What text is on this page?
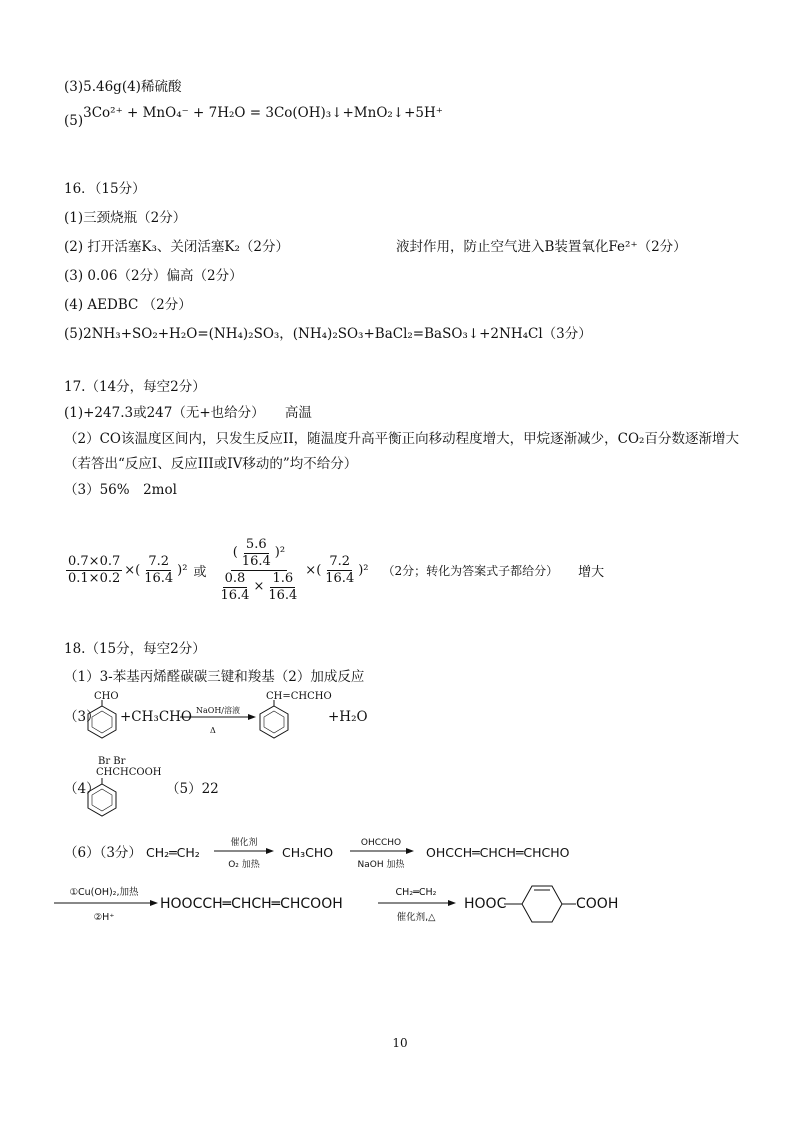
(3)5.46g(4)稀硫酸
(5)3Co²⁺ + MnO₄⁻ + 7H₂O = 3Co(OH)₃↓+MnO₂↓+5H⁺
16．（15分）
(1)三颈烧瓶（2分）
(2) 打开活塞K₃、关闭活塞K₂（2分）	液封作用，防止空气进入B装置氧化Fe²⁺（2分）
(3) 0.06（2分）偏高（2分）
(4) AEDBC （2分）
(5)2NH₃+SO₂+H₂O=(NH₄)₂SO₃，(NH₄)₂SO₃+BaCl₂=BaSO₃↓+2NH₄Cl（3分）
17.（14分，每空2分）
(1)+247.3或247（无+也给分）　　高温
（2）CO该温度区间内，只发生反应II，随温度升高平衡正向移动程度增大，甲烷逐渐减少，CO₂百分数逐渐增大
（若答出“反应I、反应III或IV移动的”均不给分）
（3）56%　2mol
$\frac{0.7\times 0.7}{0.1\times 0.2}$ ×( $\frac{7.2}{16.4} )^2$ 或 $\frac{( \frac{5.6}{16.4} )^2}{\frac{0.8}{16.4} \times \frac{1.6}{16.4}}$ ×( $\frac{7.2}{16.4} )^2$ （2分；转化为答案式子都给分） 增大
18.（15分，每空2分）
（1）3-苯基丙烯醛碳碳三键和羧基（2）加成反应
（3）
CHO
+CH₃CHO NaOH/溶液
Δ
CH=CHCHO
+H₂O
（4）
Br Br
CHCHCOOH
（5）22
（6）（3分） CH₂═CH₂
催化剂
O₂ 加热
CH₃CHO
OHCCHO
NaOH 加热
OHCCH═CHCH═CHCHO
①Cu(OH)₂,加热
②H⁺
HOOCCH═CHCH═CHCOOH
CH₂═CH₂
催化剂,△
HOOC	COOH
10
